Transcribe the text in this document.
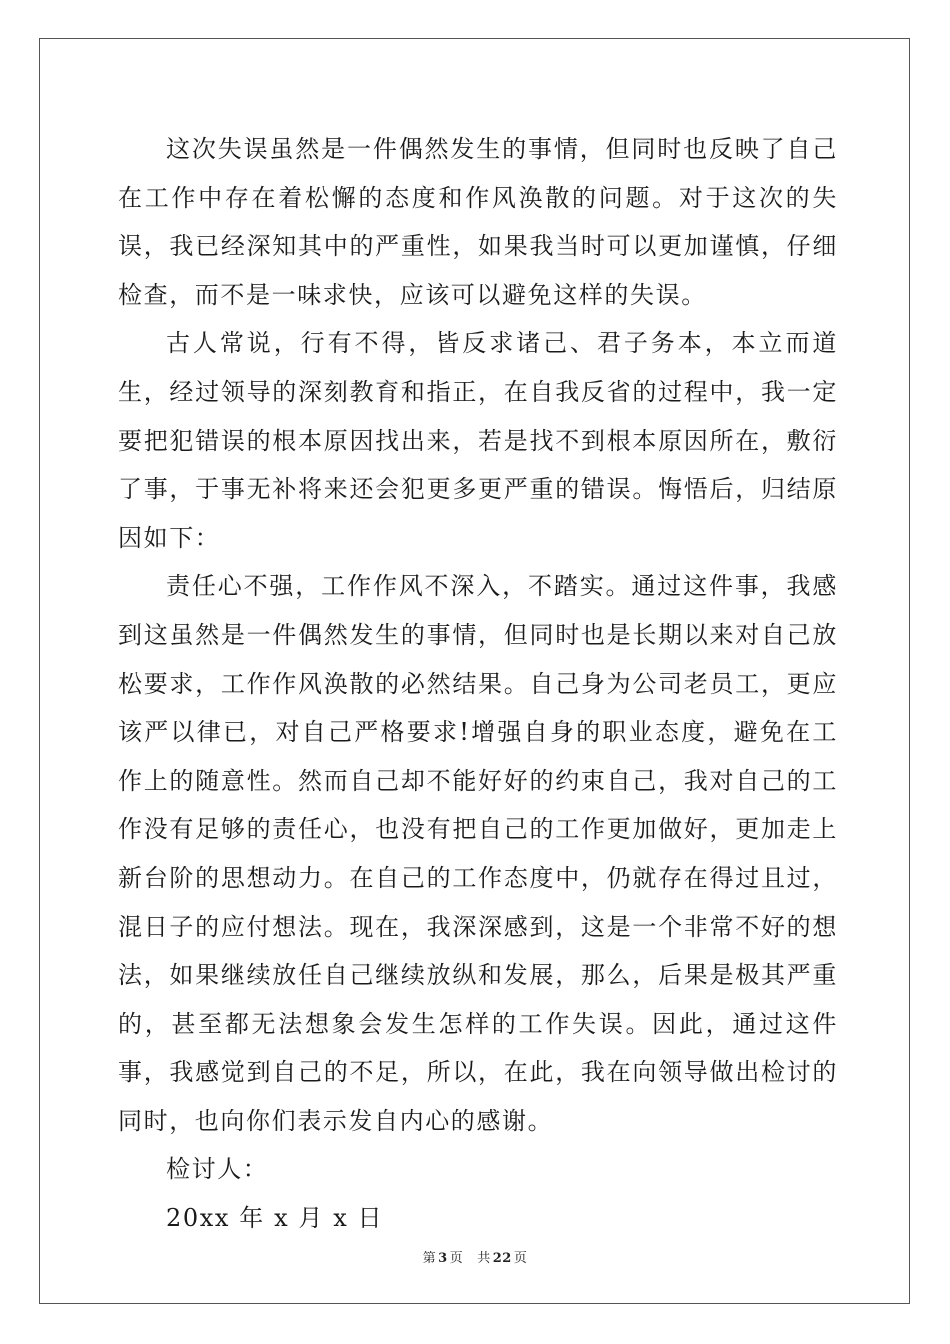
这次失误虽然是一件偶然发生的事情，但同时也反映了自己在工作中存在着松懈的态度和作风涣散的问题。对于这次的失误，我已经深知其中的严重性，如果我当时可以更加谨慎，仔细检查，而不是一味求快，应该可以避免这样的失误。

古人常说，行有不得，皆反求诸己、君子务本，本立而道生，经过领导的深刻教育和指正，在自我反省的过程中，我一定要把犯错误的根本原因找出来，若是找不到根本原因所在，敷衍了事，于事无补将来还会犯更多更严重的错误。悔悟后，归结原因如下：

责任心不强，工作作风不深入，不踏实。通过这件事，我感到这虽然是一件偶然发生的事情，但同时也是长期以来对自己放松要求，工作作风涣散的必然结果。自己身为公司老员工，更应该严以律已，对自己严格要求!增强自身的职业态度，避免在工作上的随意性。然而自己却不能好好的约束自己，我对自己的工作没有足够的责任心，也没有把自己的工作更加做好，更加走上新台阶的思想动力。在自己的工作态度中，仍就存在得过且过，混日子的应付想法。现在，我深深感到，这是一个非常不好的想法，如果继续放任自己继续放纵和发展，那么，后果是极其严重的，甚至都无法想象会发生怎样的工作失误。因此，通过这件事，我感觉到自己的不足，所以，在此，我在向领导做出检讨的同时，也向你们表示发自内心的感谢。

检讨人：

20xx 年 x 月 x 日

第 3 页 共 22 页
